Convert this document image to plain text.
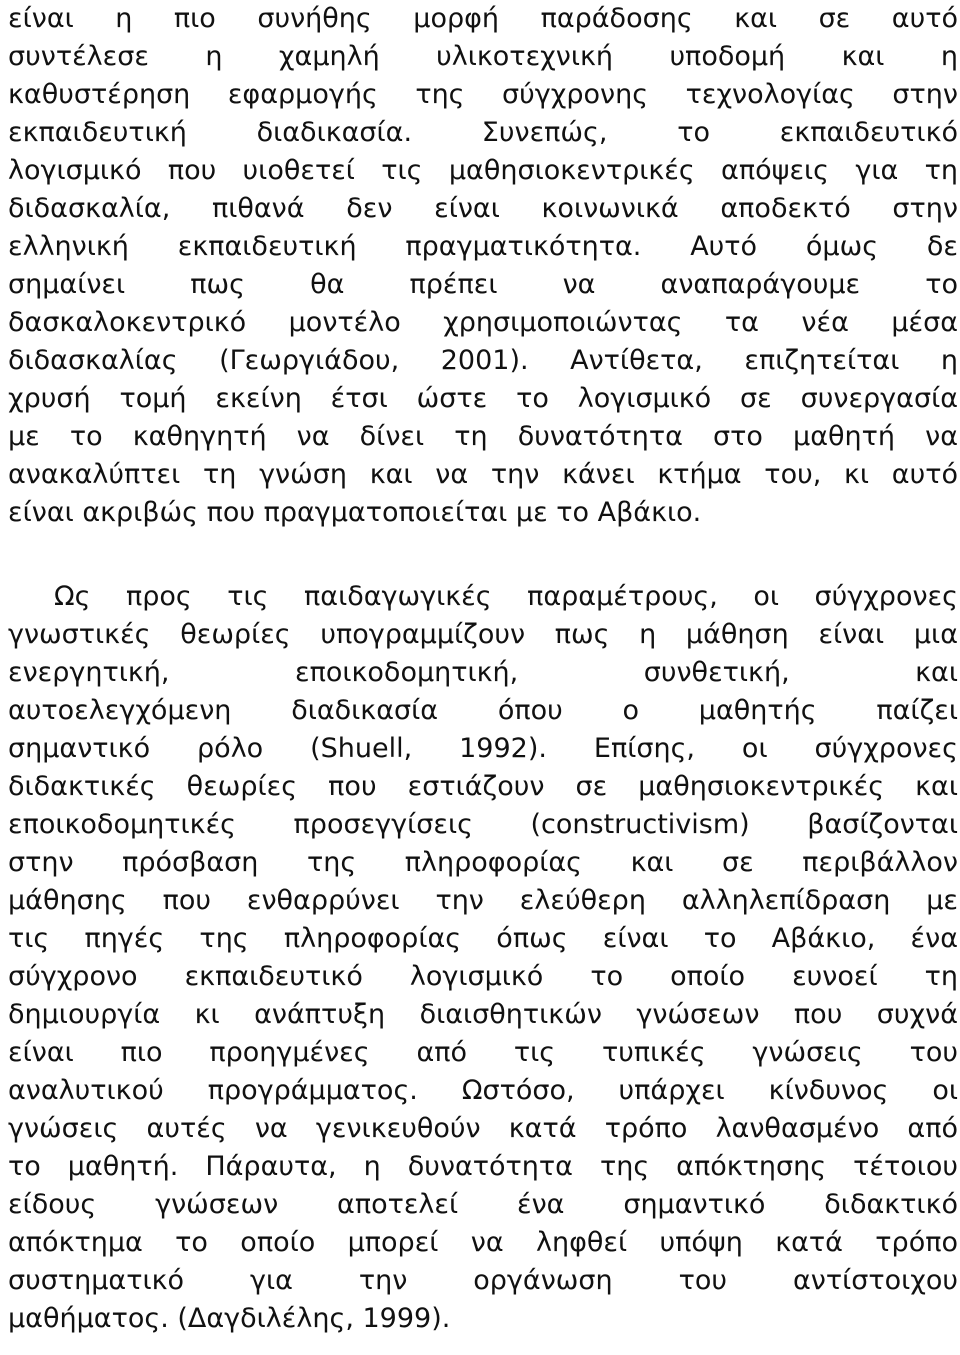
είναι η πιο συνήθης μορφή παράδοσης και σε αυτό
συντέλεσε η χαμηλή υλικοτεχνική υποδομή και η
καθυστέρηση εφαρμογής της σύγχρονης τεχνολογίας στην
εκπαιδευτική διαδικασία. Συνεπώς, το εκπαιδευτικό
λογισμικό που υιοθετεί τις μαθησιοκεντρικές απόψεις για τη
διδασκαλία, πιθανά δεν είναι κοινωνικά αποδεκτό στην
ελληνική εκπαιδευτική πραγματικότητα. Αυτό όμως δε
σημαίνει πως θα πρέπει να αναπαράγουμε το
δασκαλοκεντρικό μοντέλο χρησιμοποιώντας τα νέα μέσα
διδασκαλίας (Γεωργιάδου, 2001). Αντίθετα, επιζητείται η
χρυσή τομή εκείνη έτσι ώστε το λογισμικό σε συνεργασία
με το καθηγητή να δίνει τη δυνατότητα στο μαθητή να
ανακαλύπτει τη γνώση και να την κάνει κτήμα του, κι αυτό
είναι ακριβώς που πραγματοποιείται με το Αβάκιο.
Ως προς τις παιδαγωγικές παραμέτρους, οι σύγχρονες
γνωστικές θεωρίες υπογραμμίζουν πως η μάθηση είναι μια
ενεργητική, εποικοδομητική, συνθετική, και
αυτοελεγχόμενη διαδικασία όπου ο μαθητής παίζει
σημαντικό ρόλο (Shuell, 1992). Επίσης, οι σύγχρονες
διδακτικές θεωρίες που εστιάζουν σε μαθησιοκεντρικές και
εποικοδομητικές προσεγγίσεις (constructivism) βασίζονται
στην πρόσβαση της πληροφορίας και σε περιβάλλον
μάθησης που ενθαρρύνει την ελεύθερη αλληλεπίδραση με
τις πηγές της πληροφορίας όπως είναι το Αβάκιο, ένα
σύγχρονο εκπαιδευτικό λογισμικό το οποίο ευνοεί τη
δημιουργία κι ανάπτυξη διαισθητικών γνώσεων που συχνά
είναι πιο προηγμένες από τις τυπικές γνώσεις του
αναλυτικού προγράμματος. Ωστόσο, υπάρχει κίνδυνος οι
γνώσεις αυτές να γενικευθούν κατά τρόπο λανθασμένο από
το μαθητή. Πάραυτα, η δυνατότητα της απόκτησης τέτοιου
είδους γνώσεων αποτελεί ένα σημαντικό διδακτικό
απόκτημα το οποίο μπορεί να ληφθεί υπόψη κατά τρόπο
συστηματικό για την οργάνωση του αντίστοιχου
μαθήματος. (Δαγδιλέλης, 1999).
